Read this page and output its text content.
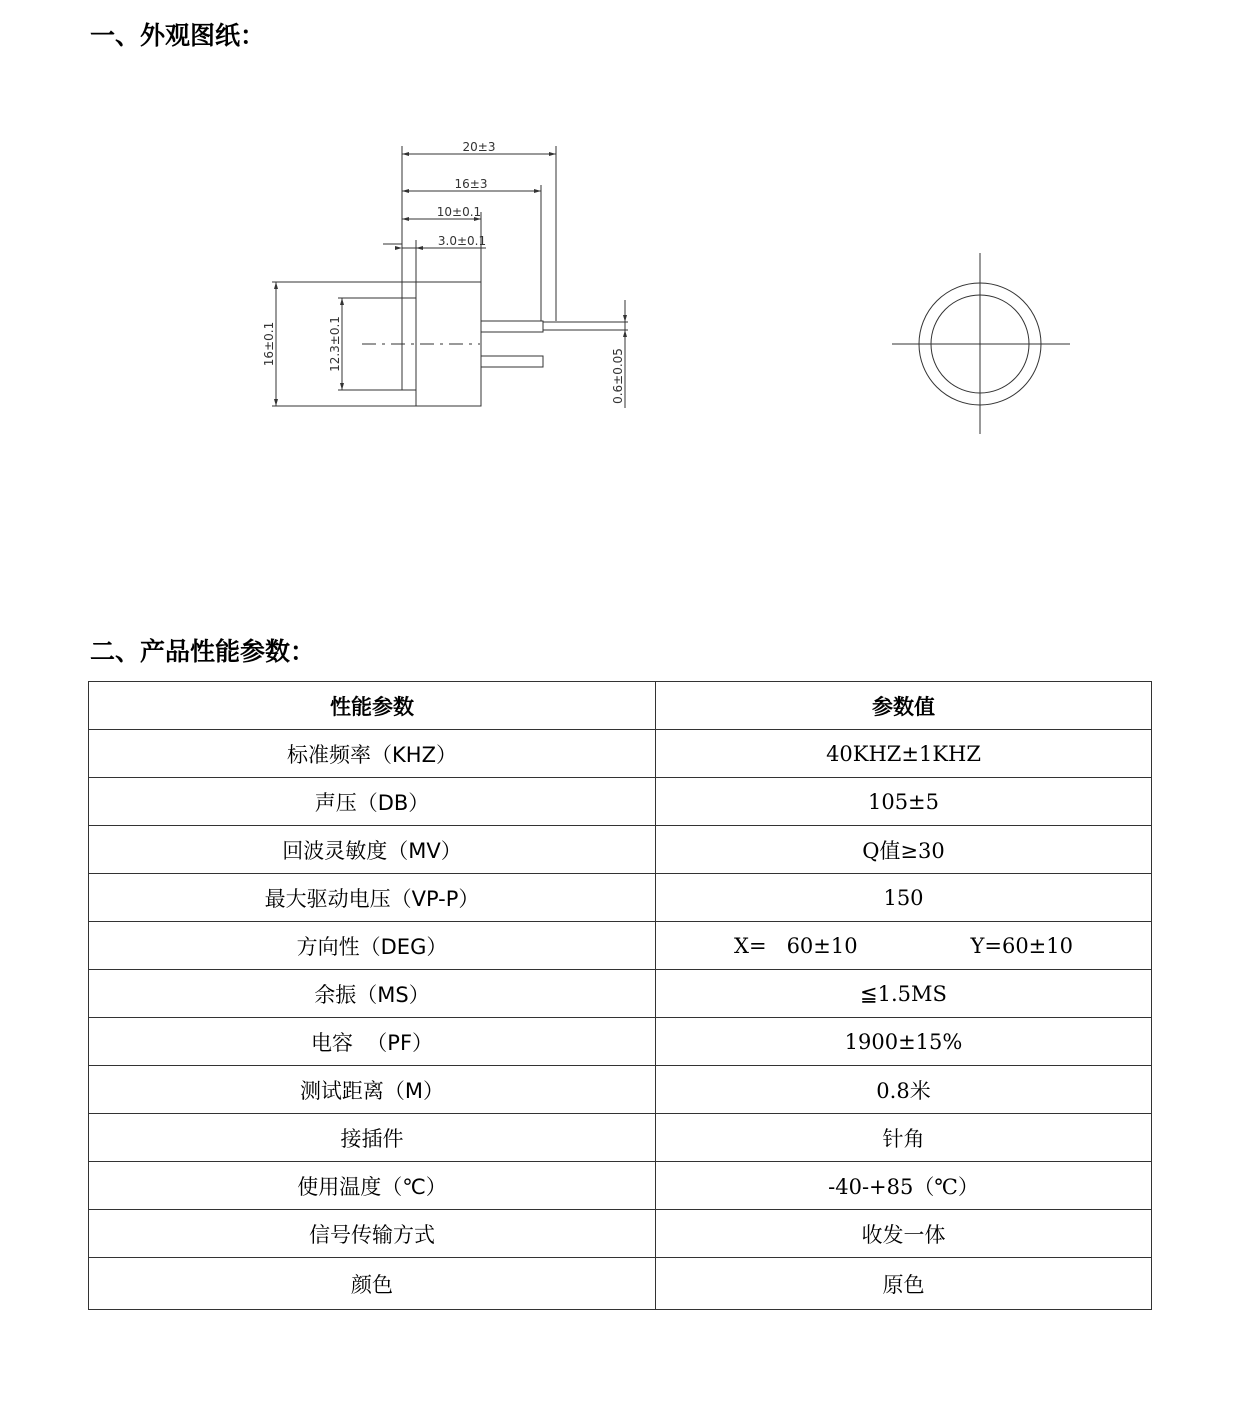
一、外观图纸：
20±3
16±3
10±0.1
3.0±0.1
16±0.1	12.3±0.1
0.6±0.05
二、产品性能参数：
性能参数	参数值
标准频率（KHZ）	40KHZ±1KHZ
声压（DB）	105±5
回波灵敏度（MV）	Q值≥30
最大驱动电压（VP-P）	150
方向性（DEG）	X=   60±10 Y=60±10

余振（MS）	≦1.5MS
电容  （PF）	1900±15%
测试距离（M）	0.8米
接插件	针角
使用温度（℃）	-40-+85（℃）
信号传输方式	收发一体
颜色	原色
